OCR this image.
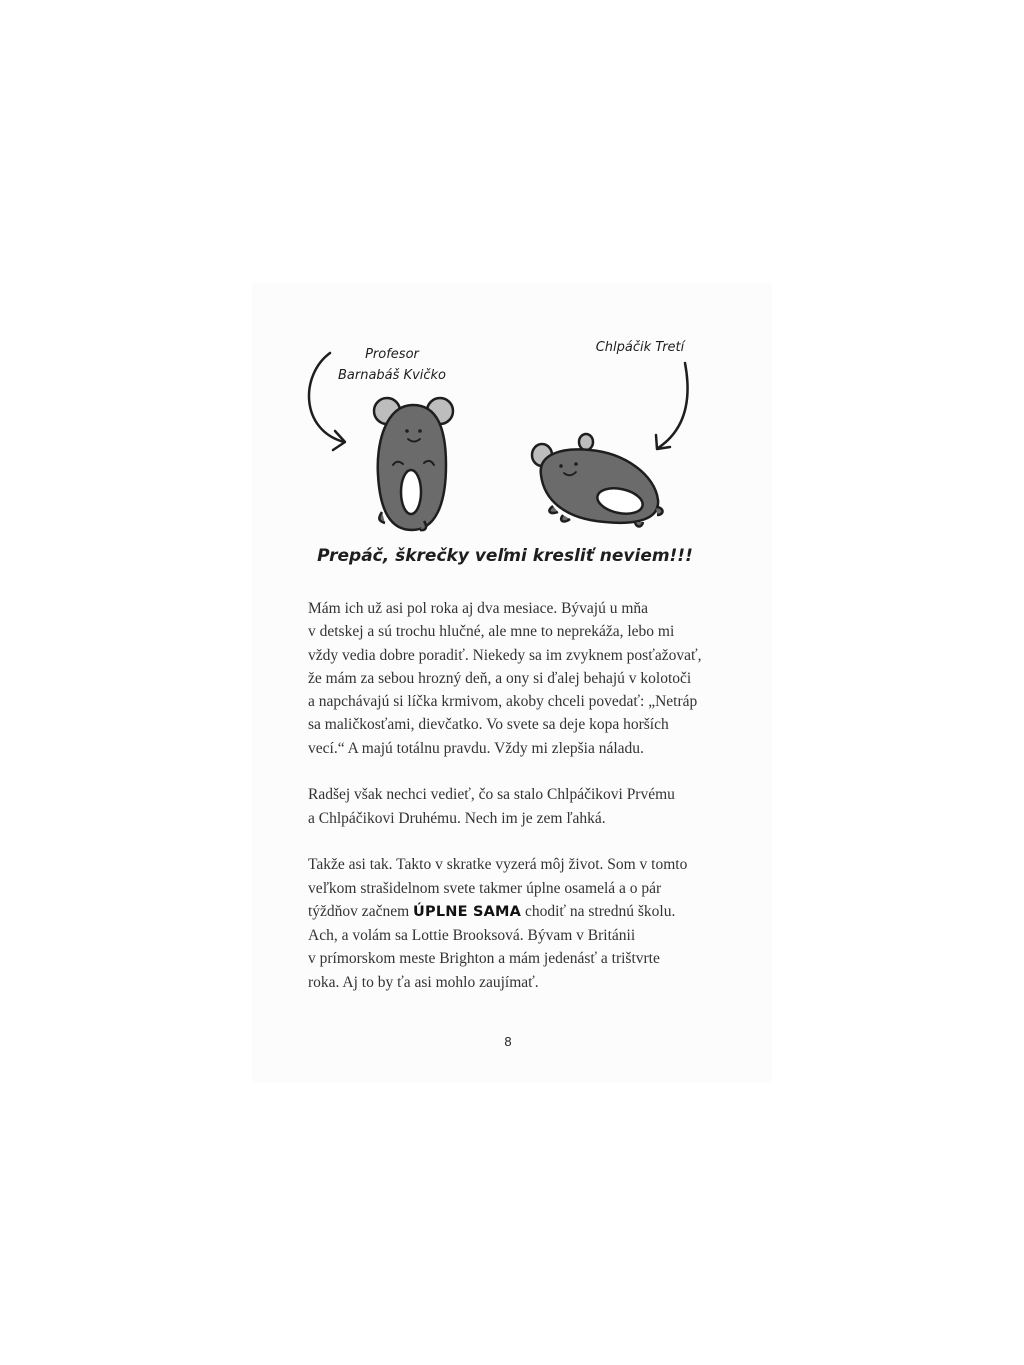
Profesor
Barnabáš Kvičko
Chlpáčik Tretí
Prepáč, škrečky veľmi kresliť neviem!!!

Mám ich už asi pol roka aj dva mesiace. Bývajú u mňa
v detskej a sú trochu hlučné, ale mne to neprekáža, lebo mi
vždy vedia dobre poradiť. Niekedy sa im zvyknem posťažovať,
že mám za sebou hrozný deň, a ony si ďalej behajú v kolotoči
a napchávajú si líčka krmivom, akoby chceli povedať: „Netráp
sa maličkosťami, dievčatko. Vo svete sa deje kopa horších
vecí.“ A majú totálnu pravdu. Vždy mi zlepšia náladu.

Radšej však nechci vedieť, čo sa stalo Chlpáčikovi Prvému
a Chlpáčikovi Druhému. Nech im je zem ľahká.

Takže asi tak. Takto v skratke vyzerá môj život. Som v tomto
veľkom strašidelnom svete takmer úplne osamelá a o pár
týždňov začnem ÚPLNE SAMA chodiť na strednú školu.
Ach, a volám sa Lottie Brooksová. Bývam v Británii
v prímorskom meste Brighton a mám jedenásť a trištvrte
roka. Aj to by ťa asi mohlo zaujímať.

8
